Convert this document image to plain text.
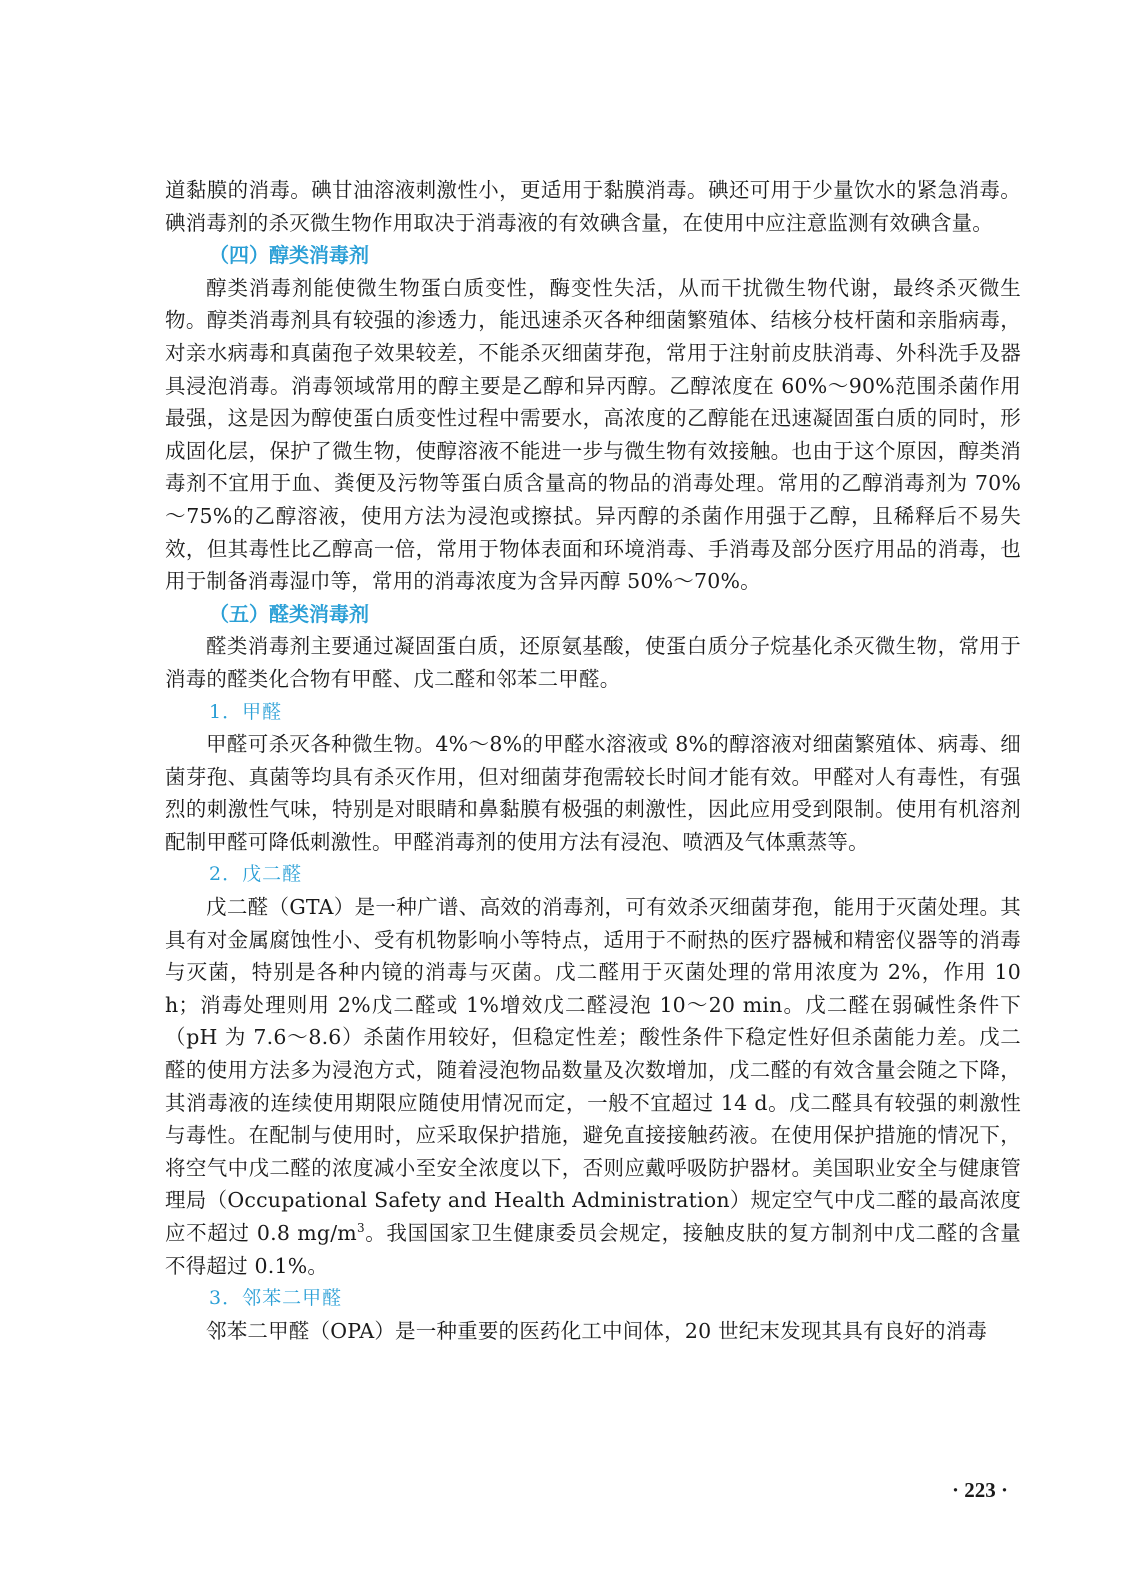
道黏膜的消毒。碘甘油溶液刺激性小，更适用于黏膜消毒。碘还可用于少量饮水的紧急消毒。碘消毒剂的杀灭微生物作用取决于消毒液的有效碘含量，在使用中应注意监测有效碘含量。

（四）醇类消毒剂

醇类消毒剂能使微生物蛋白质变性，酶变性失活，从而干扰微生物代谢，最终杀灭微生物。醇类消毒剂具有较强的渗透力，能迅速杀灭各种细菌繁殖体、结核分枝杆菌和亲脂病毒，对亲水病毒和真菌孢子效果较差，不能杀灭细菌芽孢，常用于注射前皮肤消毒、外科洗手及器具浸泡消毒。消毒领域常用的醇主要是乙醇和异丙醇。乙醇浓度在 60%～90%范围杀菌作用最强，这是因为醇使蛋白质变性过程中需要水，高浓度的乙醇能在迅速凝固蛋白质的同时，形成固化层，保护了微生物，使醇溶液不能进一步与微生物有效接触。也由于这个原因，醇类消毒剂不宜用于血、粪便及污物等蛋白质含量高的物品的消毒处理。常用的乙醇消毒剂为 70%～75%的乙醇溶液，使用方法为浸泡或擦拭。异丙醇的杀菌作用强于乙醇，且稀释后不易失效，但其毒性比乙醇高一倍，常用于物体表面和环境消毒、手消毒及部分医疗用品的消毒，也用于制备消毒湿巾等，常用的消毒浓度为含异丙醇 50%～70%。

（五）醛类消毒剂

醛类消毒剂主要通过凝固蛋白质，还原氨基酸，使蛋白质分子烷基化杀灭微生物，常用于消毒的醛类化合物有甲醛、戊二醛和邻苯二甲醛。

1．甲醛

甲醛可杀灭各种微生物。4%～8%的甲醛水溶液或 8%的醇溶液对细菌繁殖体、病毒、细菌芽孢、真菌等均具有杀灭作用，但对细菌芽孢需较长时间才能有效。甲醛对人有毒性，有强烈的刺激性气味，特别是对眼睛和鼻黏膜有极强的刺激性，因此应用受到限制。使用有机溶剂配制甲醛可降低刺激性。甲醛消毒剂的使用方法有浸泡、喷洒及气体熏蒸等。

2．戊二醛

戊二醛（GTA）是一种广谱、高效的消毒剂，可有效杀灭细菌芽孢，能用于灭菌处理。其具有对金属腐蚀性小、受有机物影响小等特点，适用于不耐热的医疗器械和精密仪器等的消毒与灭菌，特别是各种内镜的消毒与灭菌。戊二醛用于灭菌处理的常用浓度为 2%，作用 10 h；消毒处理则用 2%戊二醛或 1%增效戊二醛浸泡 10～20 min。戊二醛在弱碱性条件下（pH 为 7.6～8.6）杀菌作用较好，但稳定性差；酸性条件下稳定性好但杀菌能力差。戊二醛的使用方法多为浸泡方式，随着浸泡物品数量及次数增加，戊二醛的有效含量会随之下降，其消毒液的连续使用期限应随使用情况而定，一般不宜超过 14 d。戊二醛具有较强的刺激性与毒性。在配制与使用时，应采取保护措施，避免直接接触药液。在使用保护措施的情况下，将空气中戊二醛的浓度减小至安全浓度以下，否则应戴呼吸防护器材。美国职业安全与健康管理局（Occupational Safety and Health Administration）规定空气中戊二醛的最高浓度应不超过 0.8 $mg/m^3$。我国国家卫生健康委员会规定，接触皮肤的复方制剂中戊二醛的含量不得超过 0.1%。

3．邻苯二甲醛

邻苯二甲醛（OPA）是一种重要的医药化工中间体，20 世纪末发现其具有良好的消毒

· 223 ·
